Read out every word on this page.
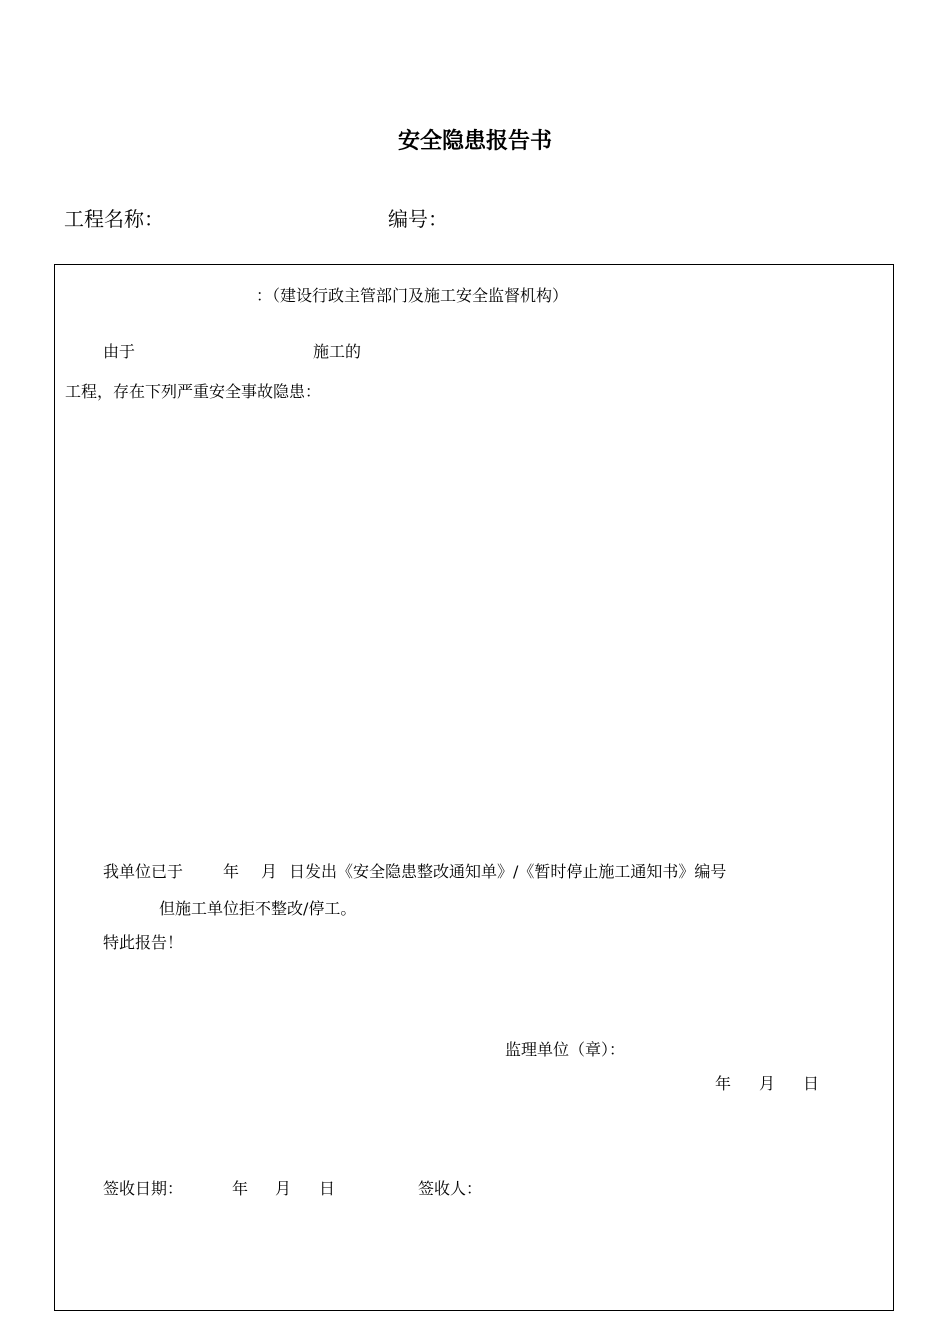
安全隐患报告书
工程名称：	编号：
：（建设行政主管部门及施工安全监督机构）
由于	施工的
工程，存在下列严重安全事故隐患：
我单位已于 年 月 日发出《安全隐患整改通知单》/《暂时停止施工通知书》编号
但施工单位拒不整改/停工。
特此报告！
监理单位（章）：
年 月 日
签收日期：	年 月 日	签收人：
